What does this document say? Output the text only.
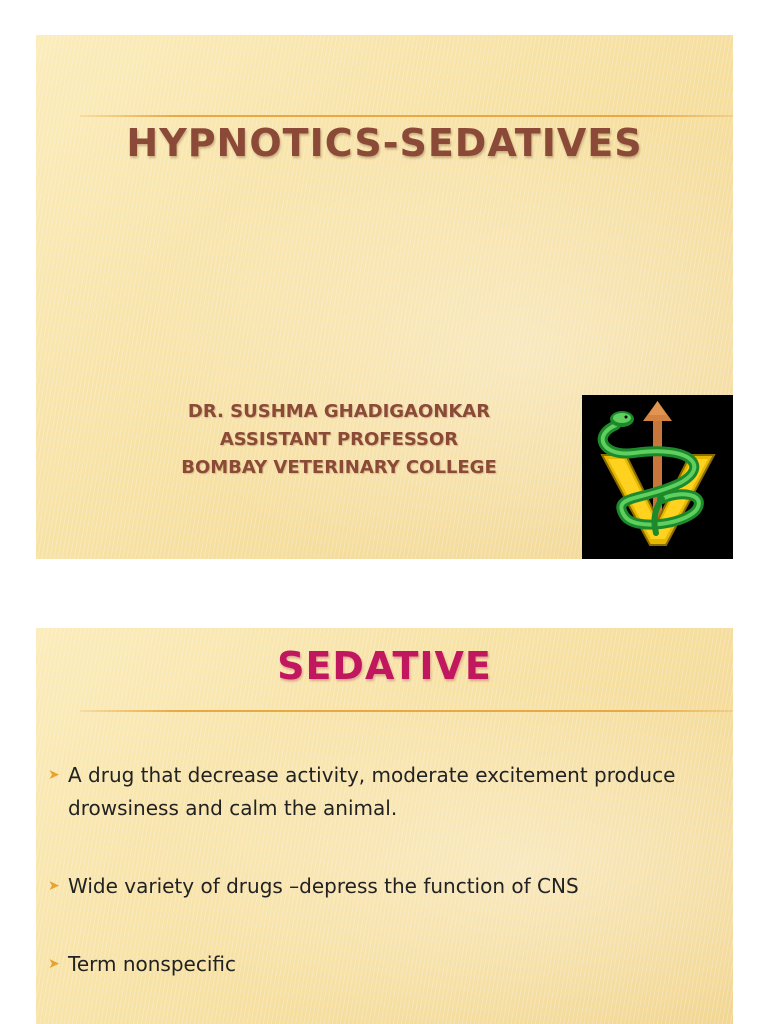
HYPNOTICS-SEDATIVES
DR. SUSHMA GHADIGAONKAR
ASSISTANT PROFESSOR
BOMBAY VETERINARY COLLEGE
SEDATIVE
➤ A drug that decrease activity, moderate excitement produce drowsiness and calm the animal.
➤ Wide variety of drugs –depress the function of CNS
➤ Term nonspecific
